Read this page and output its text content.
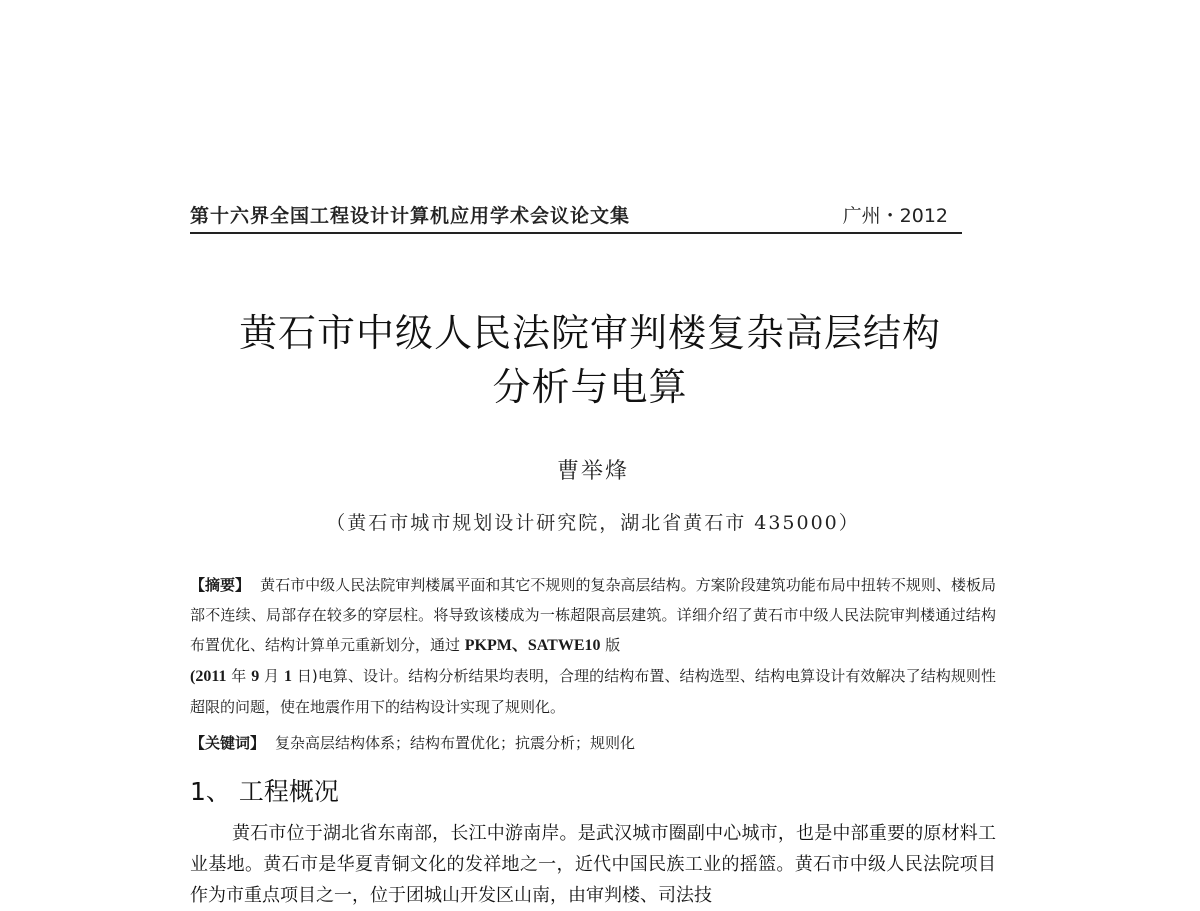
第十六界全国工程设计计算机应用学术会议论文集	广州・2012
黄石市中级人民法院审判楼复杂高层结构
分析与电算
曹举烽
（黄石市城市规划设计研究院，湖北省黄石市 435000）
【摘要】 黄石市中级人民法院审判楼属平面和其它不规则的复杂高层结构。方案阶段建筑功能布局中扭转不规则、楼板局部不连续、局部存在较多的穿层柱。将导致该楼成为一栋超限高层建筑。详细介绍了黄石市中级人民法院审判楼通过结构布置优化、结构计算单元重新划分，通过 PKPM、SATWE10 版
(2011 年 9 月 1 日)电算、设计。结构分析结果均表明，合理的结构布置、结构选型、结构电算设计有效解决了结构规则性超限的问题，使在地震作用下的结构设计实现了规则化。
【关键词】 复杂高层结构体系；结构布置优化；抗震分析；规则化
1、 工程概况

黄石市位于湖北省东南部，长江中游南岸。是武汉城市圈副中心城市，也是中部重要的原材料工业基地。黄石市是华夏青铜文化的发祥地之一，近代中国民族工业的摇篮。黄石市中级人民法院项目作为市重点项目之一，位于团城山开发区山南，由审判楼、司法技
